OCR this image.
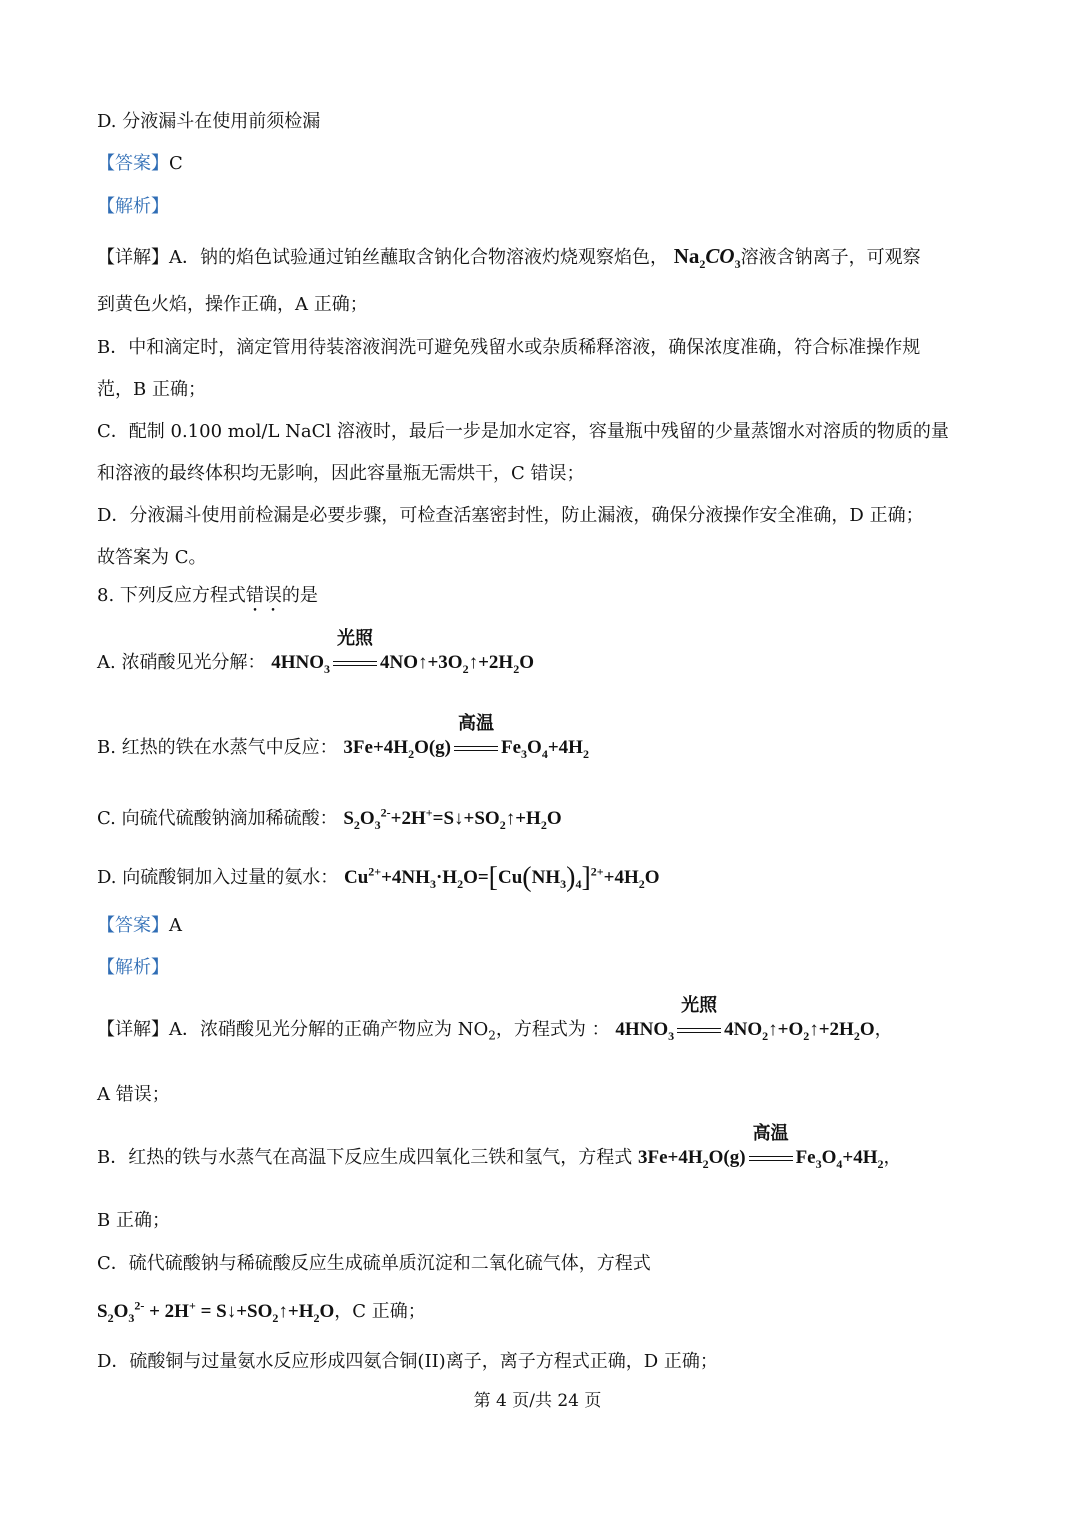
D. 分液漏斗在使用前须检漏
【答案】C
【解析】
【详解】A．钠的焰色试验通过铂丝蘸取含钠化合物溶液灼烧观察焰色， $Na_2CO_3$溶液含钠离子，可观察
到黄色火焰，操作正确，A 正确；
B．中和滴定时，滴定管用待装溶液润洗可避免残留水或杂质稀释溶液，确保浓度准确，符合标准操作规
范，B 正确；
C．配制 0.100 mol/L NaCl 溶液时，最后一步是加水定容，容量瓶中残留的少量蒸馏水对溶质的物质的量
和溶液的最终体积均无影响，因此容量瓶无需烘干，C 错误；
D．分液漏斗使用前检漏是必要步骤，可检查活塞密封性，防止漏液，确保分液操作安全准确，D 正确；
故答案为 C。
8. 下列反应方程式错误的是
A. 浓硝酸见光分解： $4HNO_3$
光照
$4NO↑+3O_2↑+2H_2O$
B. 红热的铁在水蒸气中反应： $3Fe+4H_2O(g)$
高温
$Fe_3O_4+4H_2$
C. 向硫代硫酸钠滴加稀硫酸： $S_2O_3^{2-}+2H^+=S↓+SO_2↑+H_2O$
D. 向硫酸铜加入过量的氨水： $Cu^{2+}+4NH_3\cdot H_2O=[Cu(NH_3)_4]^{2+}+4H_2O$
【答案】A
【解析】
【详解】A．浓硝酸见光分解的正确产物应为 $NO_2$，方程式为 ： $4HNO_3$
光照
$4NO_2↑+O_2↑+2H_2O$，
A 错误；
B．红热的铁与水蒸气在高温下反应生成四氧化三铁和氢气，方程式 $3Fe+4H_2O(g)$
高温
$Fe_3O_4+4H_2$，
B 正确；
C．硫代硫酸钠与稀硫酸反应生成硫单质沉淀和二氧化硫气体，方程式
$S_2O_3^{2-} + 2H^+$ = $S↓+SO_2↑+H_2O$，C 正确；
D．硫酸铜与过量氨水反应形成四氨合铜(II)离子，离子方程式正确，D 正确；
第 4 页/共 24 页
